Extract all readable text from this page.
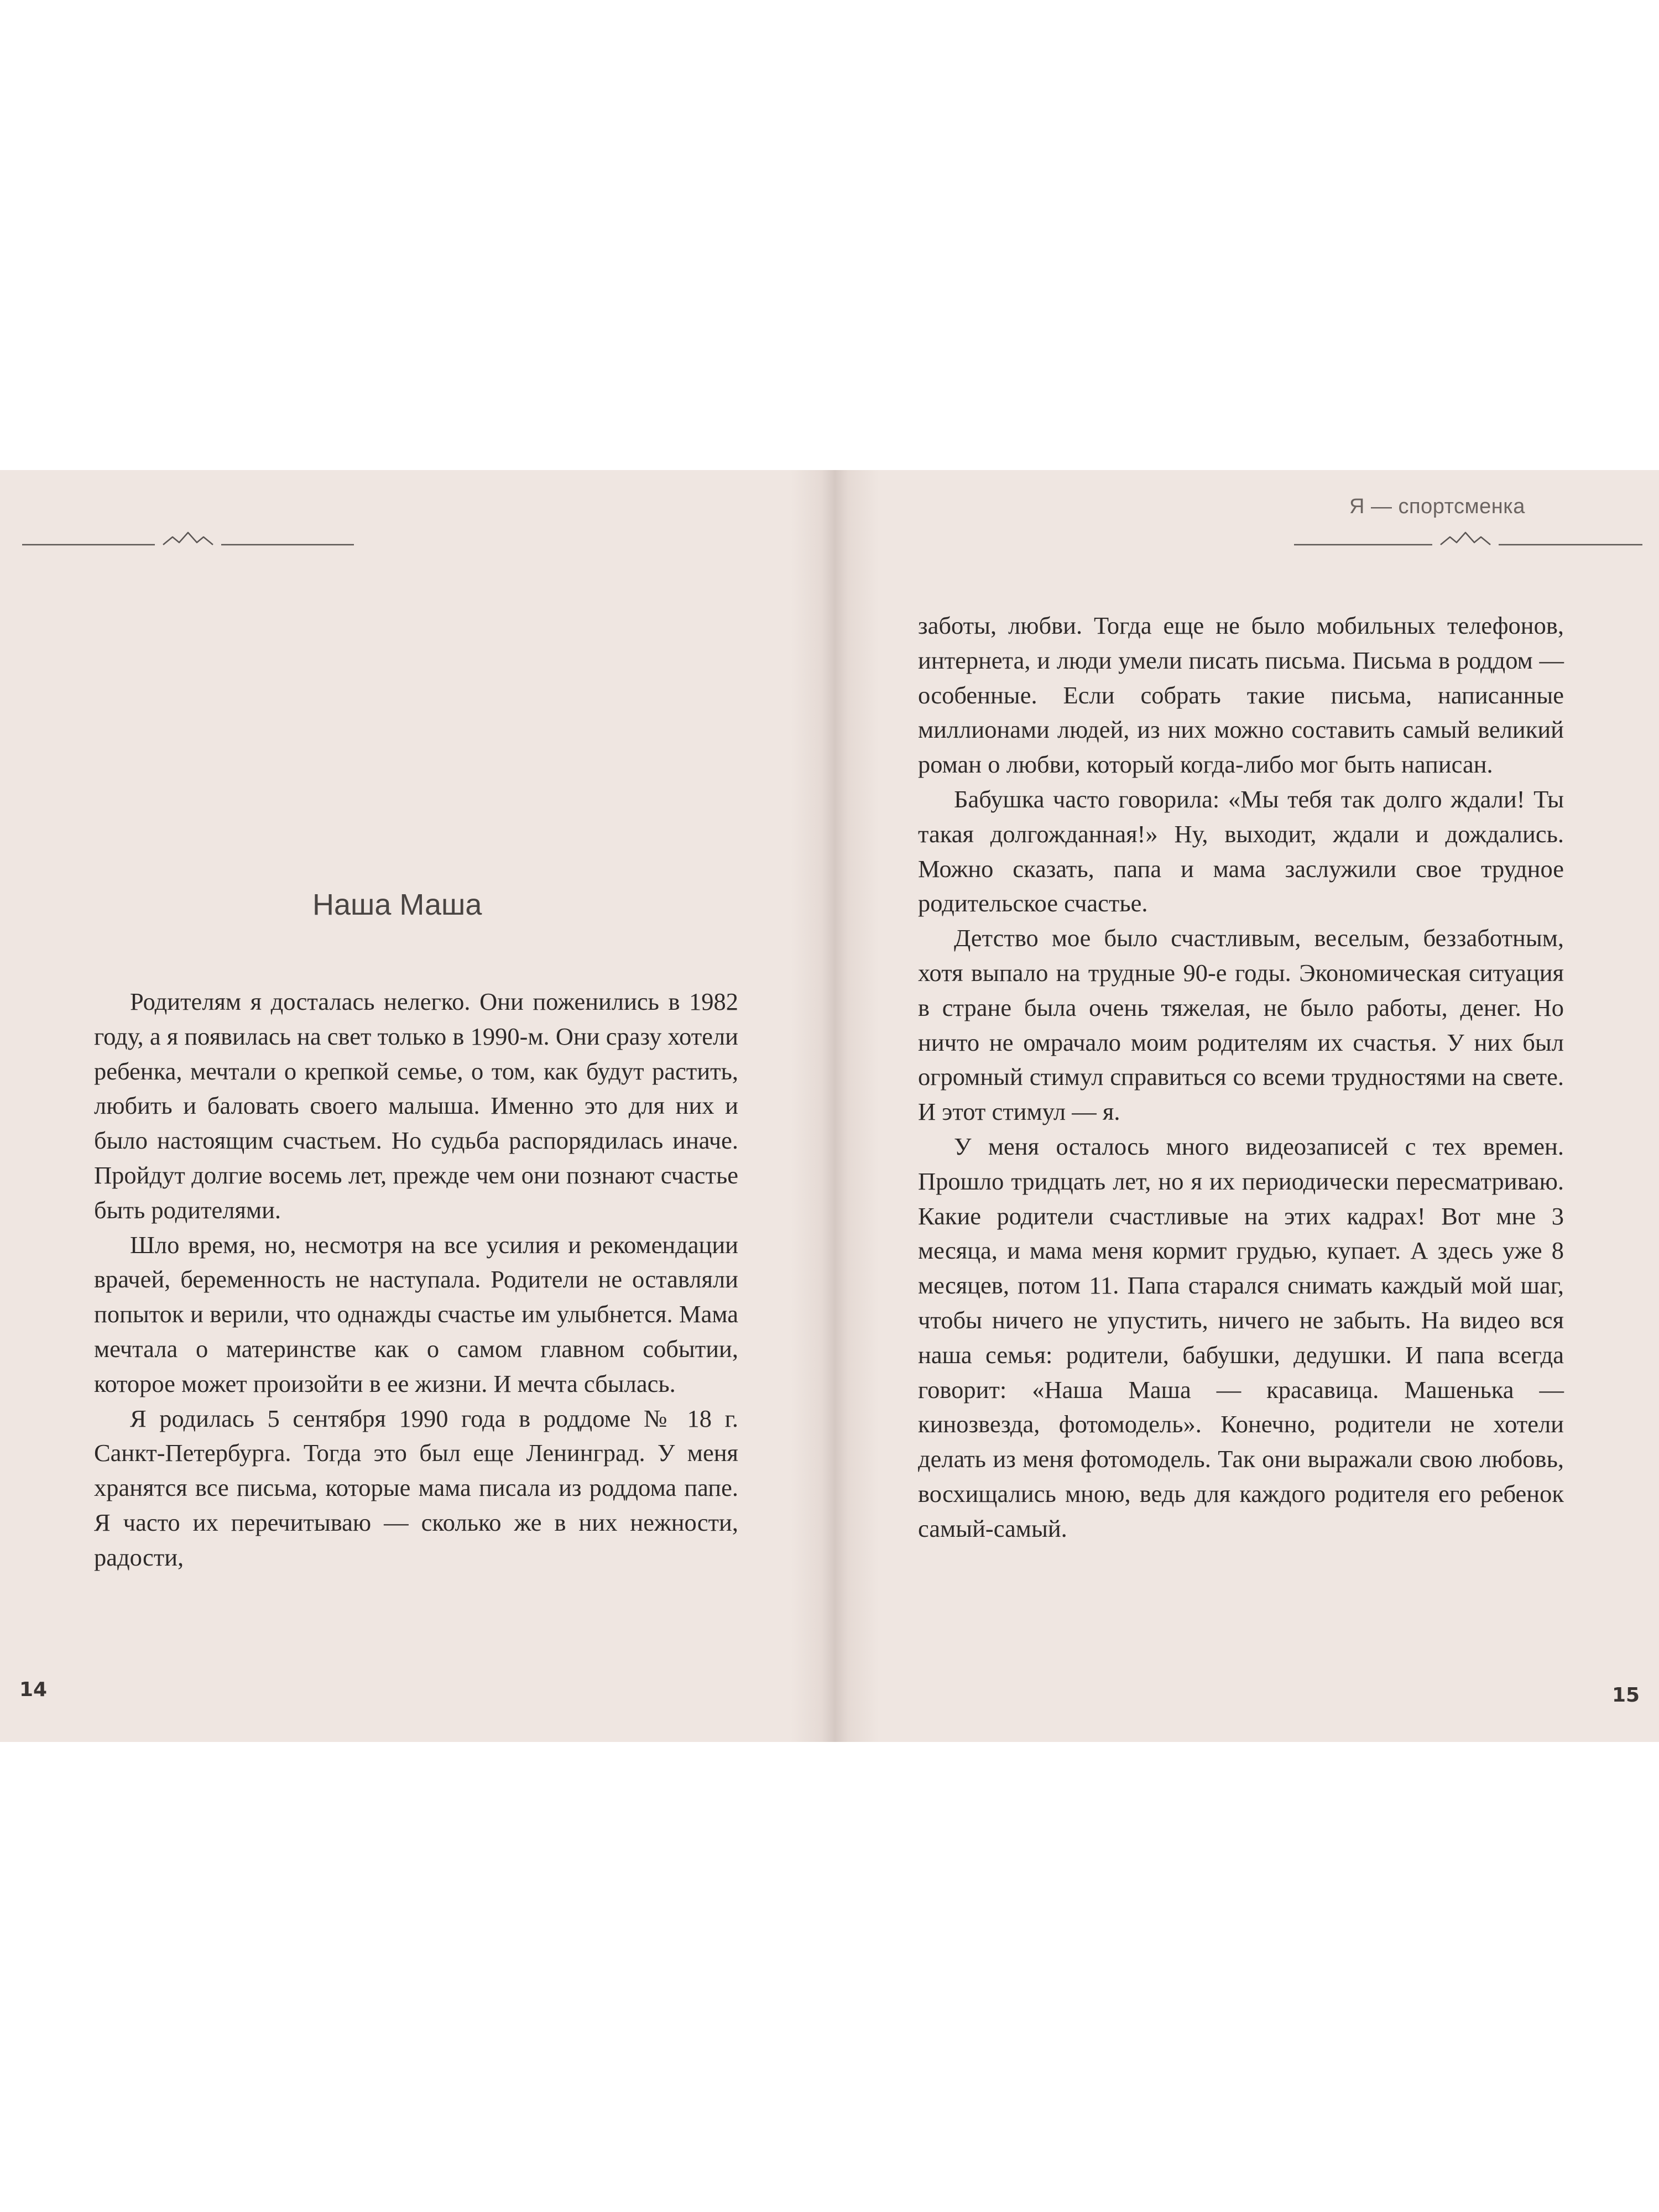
Наша Маша

Родителям я досталась нелегко. Они поженились в 1982 году, а я появилась на свет только в 1990-м. Они сразу хотели ребенка, мечтали о крепкой семье, о том, как будут растить, любить и баловать своего малыша. Именно это для них и было настоящим счастьем. Но судьба распорядилась иначе. Пройдут долгие восемь лет, прежде чем они познают счастье быть родителями.

Шло время, но, несмотря на все усилия и рекомендации врачей, беременность не наступала. Родители не оставляли попыток и верили, что однажды счастье им улыбнется. Мама мечтала о материнстве как о самом главном событии, которое может произойти в ее жизни. И мечта сбылась.

Я родилась 5 сентября 1990 года в роддоме № 18 г. Санкт-Петербурга. Тогда это был еще Ленинград. У меня хранятся все письма, которые мама писала из роддома папе. Я часто их перечитываю — сколько же в них нежности, радости,

14
Я — спортсменка

заботы, любви. Тогда еще не было мобильных телефонов, интернета, и люди умели писать письма. Письма в роддом — особенные. Если собрать такие письма, написанные миллионами людей, из них можно составить самый великий роман о любви, который когда-либо мог быть написан.

Бабушка часто говорила: «Мы тебя так долго ждали! Ты такая долгожданная!» Ну, выходит, ждали и дождались. Можно сказать, папа и мама заслужили свое трудное родительское счастье.

Детство мое было счастливым, веселым, беззаботным, хотя выпало на трудные 90-е годы. Экономическая ситуация в стране была очень тяжелая, не было работы, денег. Но ничто не омрачало моим родителям их счастья. У них был огромный стимул справиться со всеми трудностями на свете. И этот стимул — я.

У меня осталось много видеозаписей с тех времен. Прошло тридцать лет, но я их периодически пересматриваю. Какие родители счастливые на этих кадрах! Вот мне 3 месяца, и мама меня кормит грудью, купает. А здесь уже 8 месяцев, потом 11. Папа старался снимать каждый мой шаг, чтобы ничего не упустить, ничего не забыть. На видео вся наша семья: родители, бабушки, дедушки. И папа всегда говорит: «Наша Маша — красавица. Машенька — кинозвезда, фотомодель». Конечно, родители не хотели делать из меня фотомодель. Так они выражали свою любовь, восхищались мною, ведь для каждого родителя его ребенок самый-самый.

15
